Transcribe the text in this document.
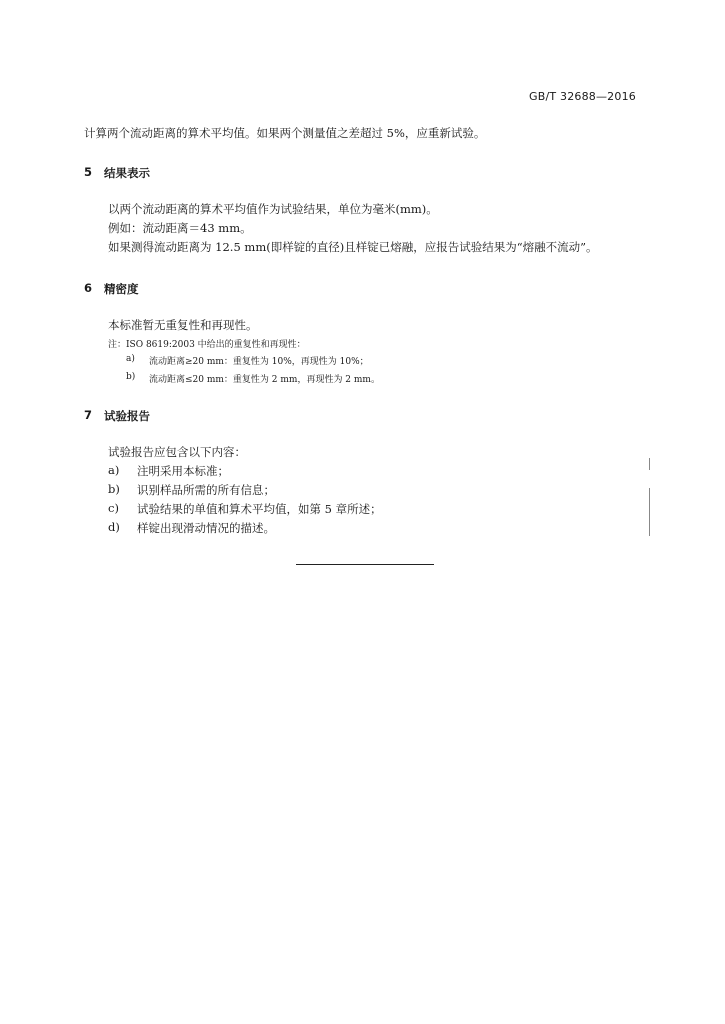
GB/T 32688—2016
计算两个流动距离的算术平均值。如果两个测量值之差超过 5%，应重新试验。
5 结果表示
以两个流动距离的算术平均值作为试验结果，单位为毫米(mm)。
例如：流动距离＝43 mm。
如果测得流动距离为 12.5 mm(即样锭的直径)且样锭已熔融，应报告试验结果为“熔融不流动”。
6 精密度
本标准暂无重复性和再现性。
注：ISO 8619:2003 中给出的重复性和再现性：
a) 流动距离≥20 mm：重复性为 10%，再现性为 10%；
b) 流动距离≤20 mm：重复性为 2 mm，再现性为 2 mm。
7 试验报告
试验报告应包含以下内容：
a) 注明采用本标准；
b) 识别样品所需的所有信息；
c) 试验结果的单值和算术平均值，如第 5 章所述；
d) 样锭出现滑动情况的描述。
